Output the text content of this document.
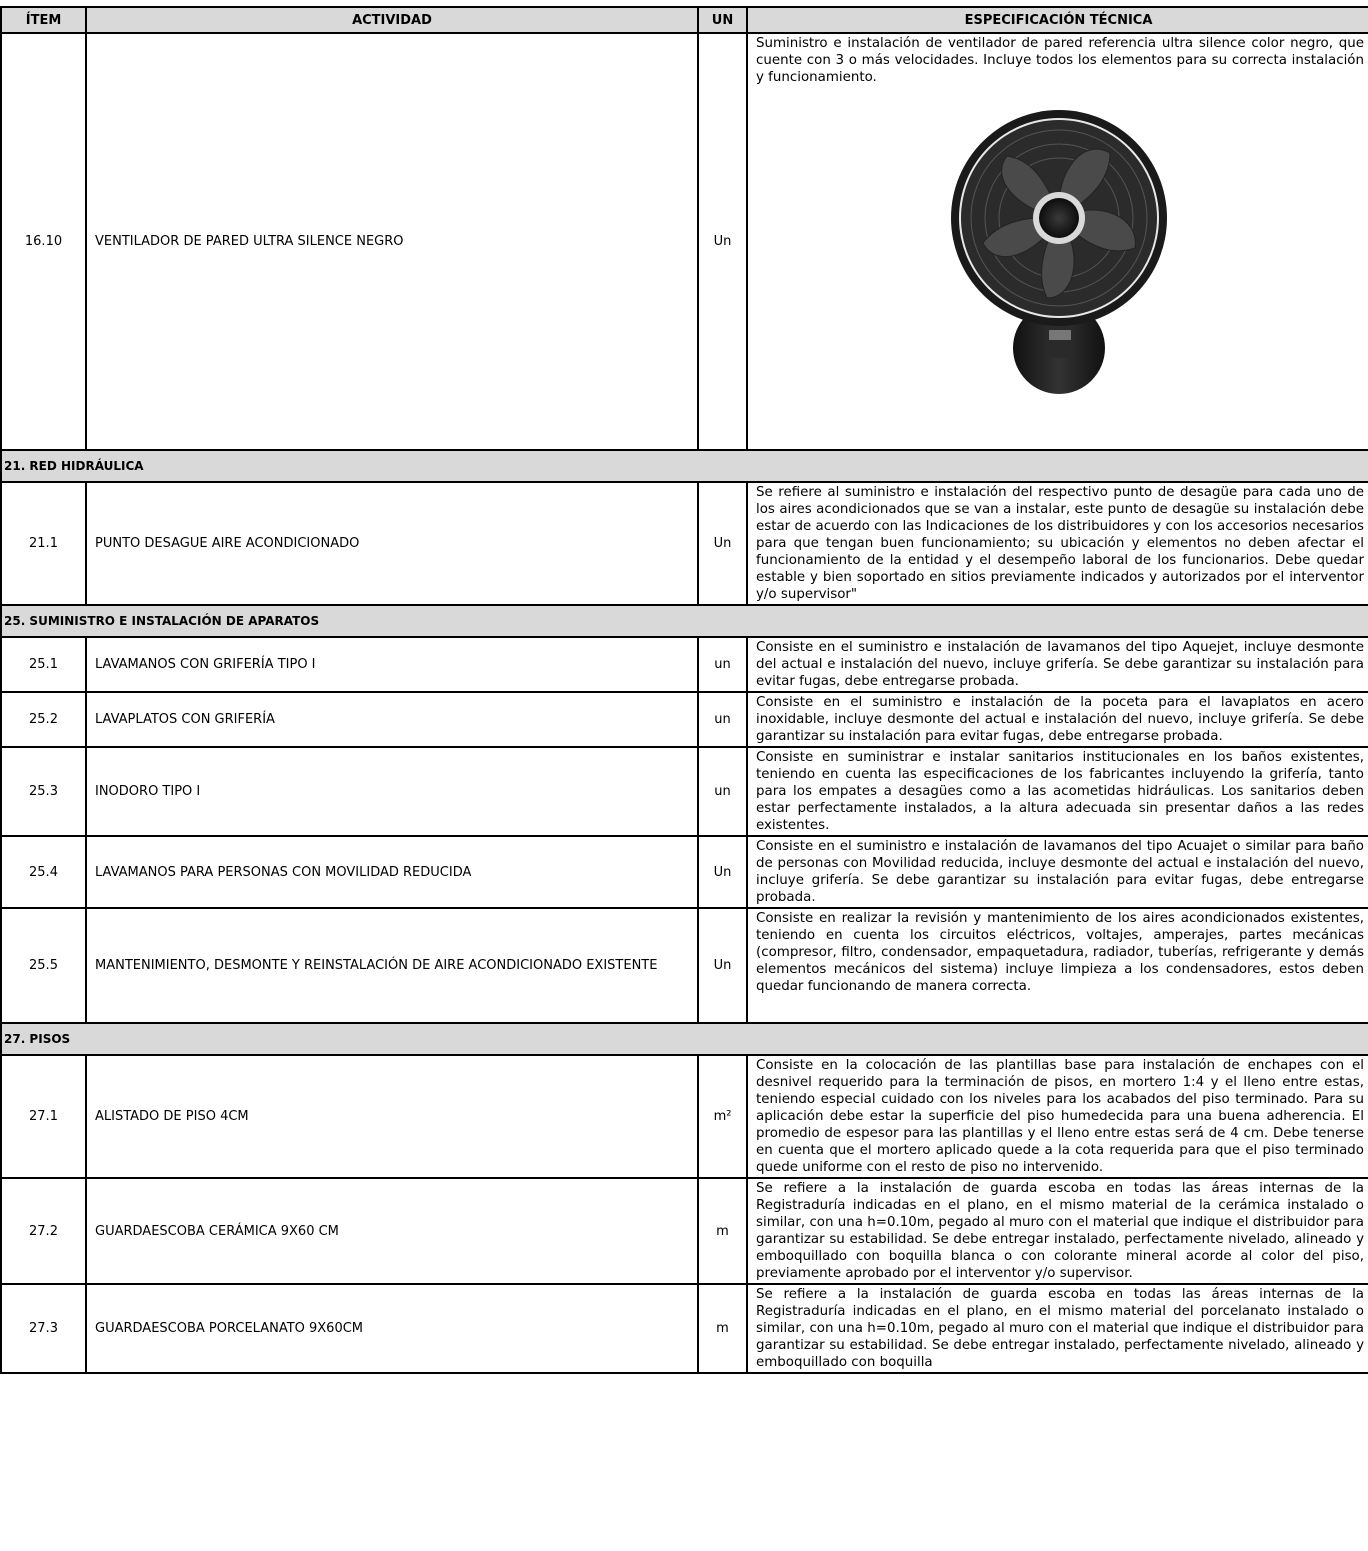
ÍTEM	ACTIVIDAD	UN	ESPECIFICACIÓN TÉCNICA
16.10	VENTILADOR DE PARED ULTRA SILENCE NEGRO	Un	Suministro e instalación de ventilador de pared referencia ultra silence color negro, que cuente con 3 o más velocidades. Incluye todos los elementos para su correcta instalación y funcionamiento.

21. RED HIDRÁULICA			
21.1	PUNTO DESAGUE AIRE ACONDICIONADO	Un	Se refiere al suministro e instalación del respectivo punto de desagüe para cada uno de los aires acondicionados que se van a instalar, este punto de desagüe su instalación debe estar de acuerdo con las Indicaciones de los distribuidores y con los accesorios necesarios para que tengan buen funcionamiento; su ubicación y elementos no deben afectar el funcionamiento de la entidad y el desempeño laboral de los funcionarios. Debe quedar estable y bien soportado en sitios previamente indicados y autorizados por el interventor y/o supervisor"
25. SUMINISTRO E INSTALACIÓN DE APARATOS			
25.1	LAVAMANOS CON GRIFERÍA TIPO I	un	Consiste en el suministro e instalación de lavamanos del tipo Aquejet, incluye desmonte del actual e instalación del nuevo, incluye grifería. Se debe garantizar su instalación para evitar fugas, debe entregarse probada.
25.2	LAVAPLATOS CON GRIFERÍA	un	Consiste en el suministro e instalación de la poceta para el lavaplatos en acero inoxidable, incluye desmonte del actual e instalación del nuevo, incluye grifería. Se debe garantizar su instalación para evitar fugas, debe entregarse probada.
25.3	INODORO TIPO I	un	Consiste en suministrar e instalar sanitarios institucionales en los baños existentes, teniendo en cuenta las especificaciones de los fabricantes incluyendo la grifería, tanto para los empates a desagües como a las acometidas hidráulicas. Los sanitarios deben estar perfectamente instalados, a la altura adecuada sin presentar daños a las redes existentes.
25.4	LAVAMANOS PARA PERSONAS CON MOVILIDAD REDUCIDA	Un	Consiste en el suministro e instalación de lavamanos del tipo Acuajet o similar para baño de personas con Movilidad reducida, incluye desmonte del actual e instalación del nuevo, incluye grifería. Se debe garantizar su instalación para evitar fugas, debe entregarse probada.
25.5	MANTENIMIENTO, DESMONTE Y REINSTALACIÓN DE AIRE ACONDICIONADO EXISTENTE	Un	Consiste en realizar la revisión y mantenimiento de los aires acondicionados existentes, teniendo en cuenta los circuitos eléctricos, voltajes, amperajes, partes mecánicas (compresor, filtro, condensador, empaquetadura, radiador, tuberías, refrigerante y demás elementos mecánicos del sistema) incluye limpieza a los condensadores, estos deben quedar funcionando de manera correcta.
27. PISOS			
27.1	ALISTADO DE PISO 4CM	m²	Consiste en la colocación de las plantillas base para instalación de enchapes con el desnivel requerido para la terminación de pisos, en mortero 1:4 y el lleno entre estas, teniendo especial cuidado con los niveles para los acabados del piso terminado. Para su aplicación debe estar la superficie del piso humedecida para una buena adherencia. El promedio de espesor para las plantillas y el lleno entre estas será de 4 cm. Debe tenerse en cuenta que el mortero aplicado quede a la cota requerida para que el piso terminado quede uniforme con el resto de piso no intervenido.
27.2	GUARDAESCOBA CERÁMICA 9X60 CM	m	Se refiere a la instalación de guarda escoba en todas las áreas internas de la Registraduría indicadas en el plano, en el mismo material de la cerámica instalado o similar, con una h=0.10m, pegado al muro con el material que indique el distribuidor para garantizar su estabilidad. Se debe entregar instalado, perfectamente nivelado, alineado y emboquillado con boquilla blanca o con colorante mineral acorde al color del piso, previamente aprobado por el interventor y/o supervisor.
27.3	GUARDAESCOBA PORCELANATO 9X60CM	m	Se refiere a la instalación de guarda escoba en todas las áreas internas de la Registraduría indicadas en el plano, en el mismo material del porcelanato instalado o similar, con una h=0.10m, pegado al muro con el material que indique el distribuidor para garantizar su estabilidad. Se debe entregar instalado, perfectamente nivelado, alineado y emboquillado con boquilla
